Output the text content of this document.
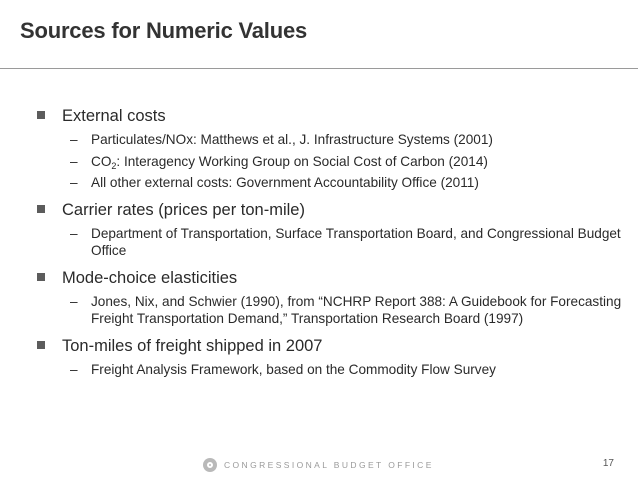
Sources for Numeric Values
External costs
– Particulates/NOx: Matthews et al., J. Infrastructure Systems (2001)
– $CO_2$: Interagency Working Group on Social Cost of Carbon (2014)
– All other external costs: Government Accountability Office (2011)
Carrier rates (prices per ton-mile)
– Department of Transportation, Surface Transportation Board, and Congressional Budget Office
Mode-choice elasticities
– Jones, Nix, and Schwier (1990), from “NCHRP Report 388: A Guidebook for Forecasting Freight Transportation Demand,” Transportation Research Board (1997)
Ton-miles of freight shipped in 2007
– Freight Analysis Framework, based on the Commodity Flow Survey
CONGRESSIONAL BUDGET OFFICE	17
